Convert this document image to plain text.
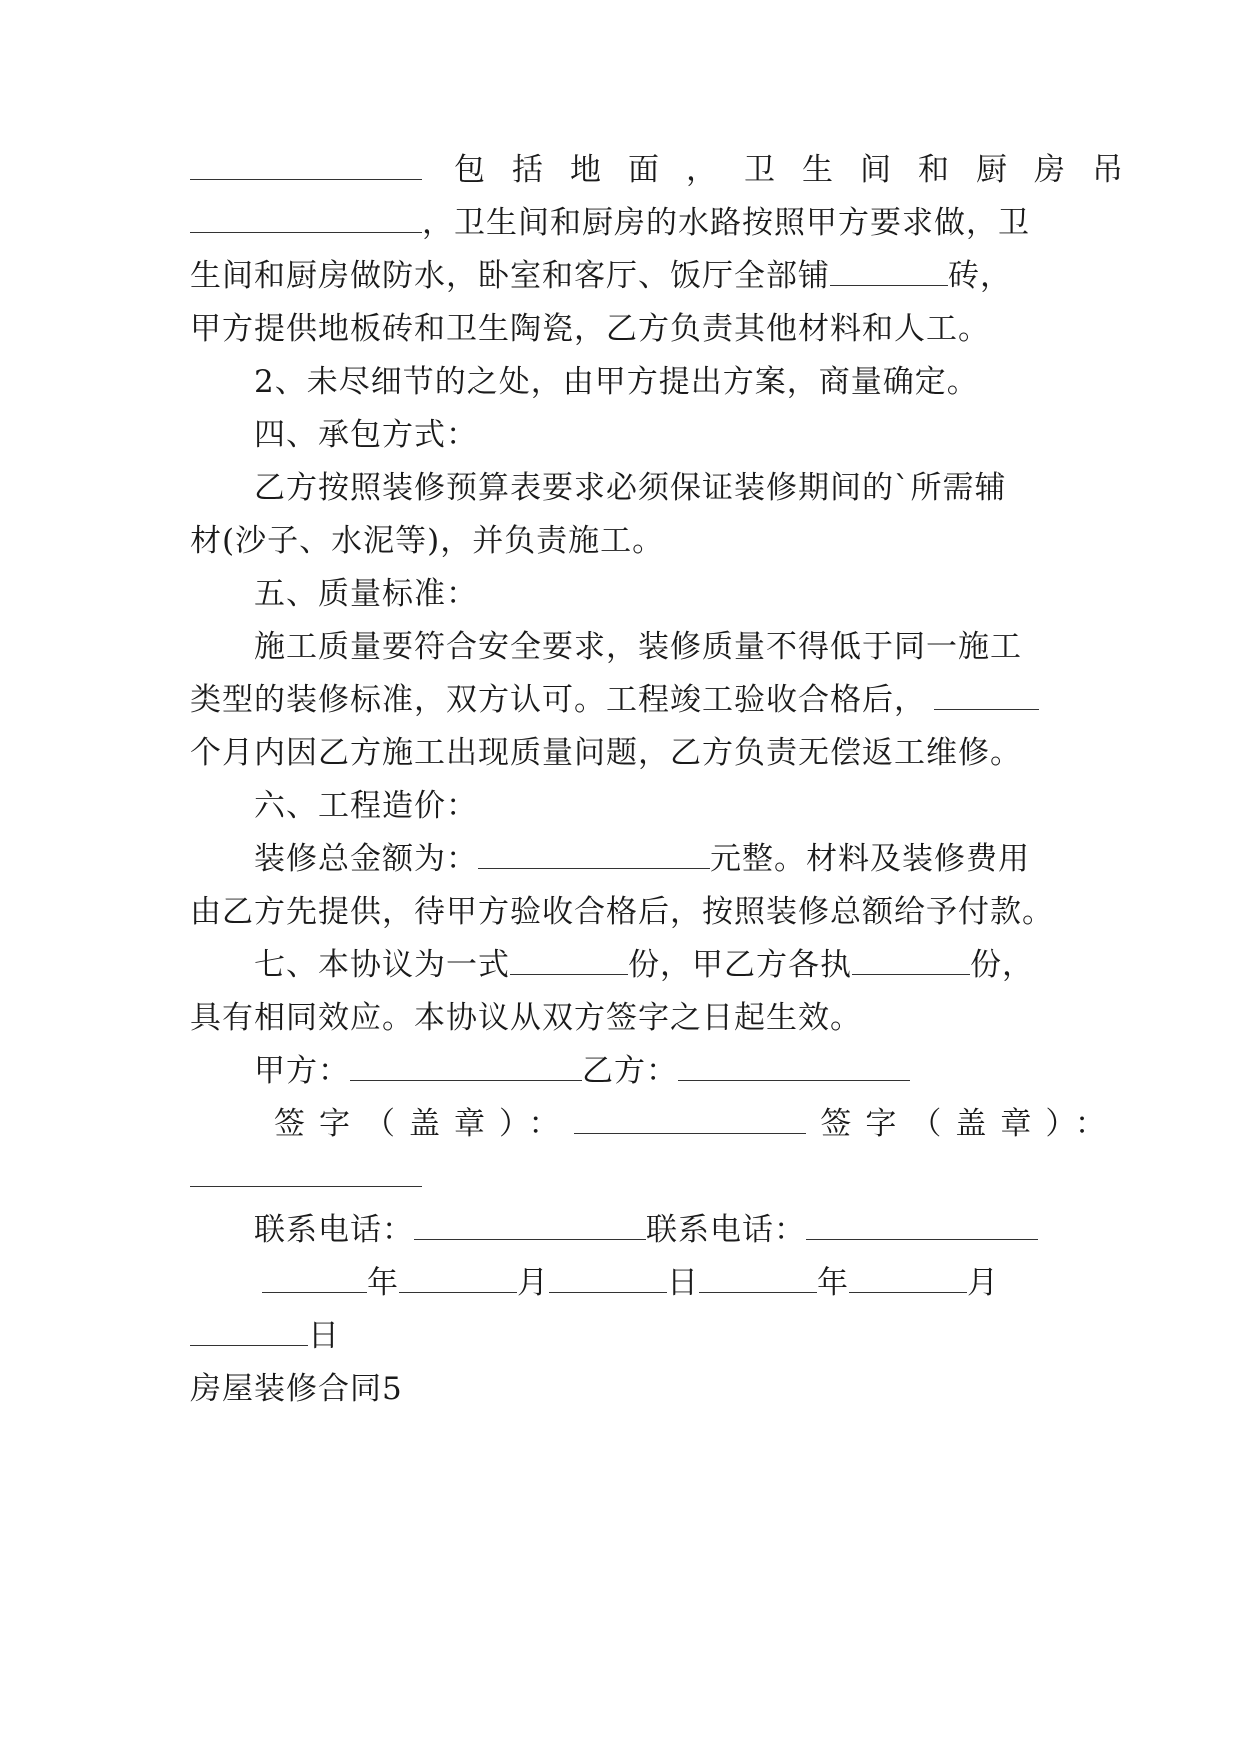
包括地面，卫生间和厨房吊
，卫生间和厨房的水路按照甲方要求做，卫
生间和厨房做防水，卧室和客厅、饭厅全部铺	砖，
甲方提供地板砖和卫生陶瓷，乙方负责其他材料和人工。
2、未尽细节的之处，由甲方提出方案，商量确定。
四、承包方式：
乙方按照装修预算表要求必须保证装修期间的`所需辅
材(沙子、水泥等)，并负责施工。
五、质量标准：
施工质量要符合安全要求，装修质量不得低于同一施工
类型的装修标准，双方认可。工程竣工验收合格后，
个月内因乙方施工出现质量问题，乙方负责无偿返工维修。
六、工程造价：
装修总金额为：	元整。材料及装修费用
由乙方先提供，待甲方验收合格后，按照装修总额给予付款。
七、本协议为一式	份，甲乙方各执	份，
具有相同效应。本协议从双方签字之日起生效。
甲方：	乙方：
签字（盖章）：	签字（盖章）：
联系电话：	联系电话：
年	月	日	年	月
日
房屋装修合同5
